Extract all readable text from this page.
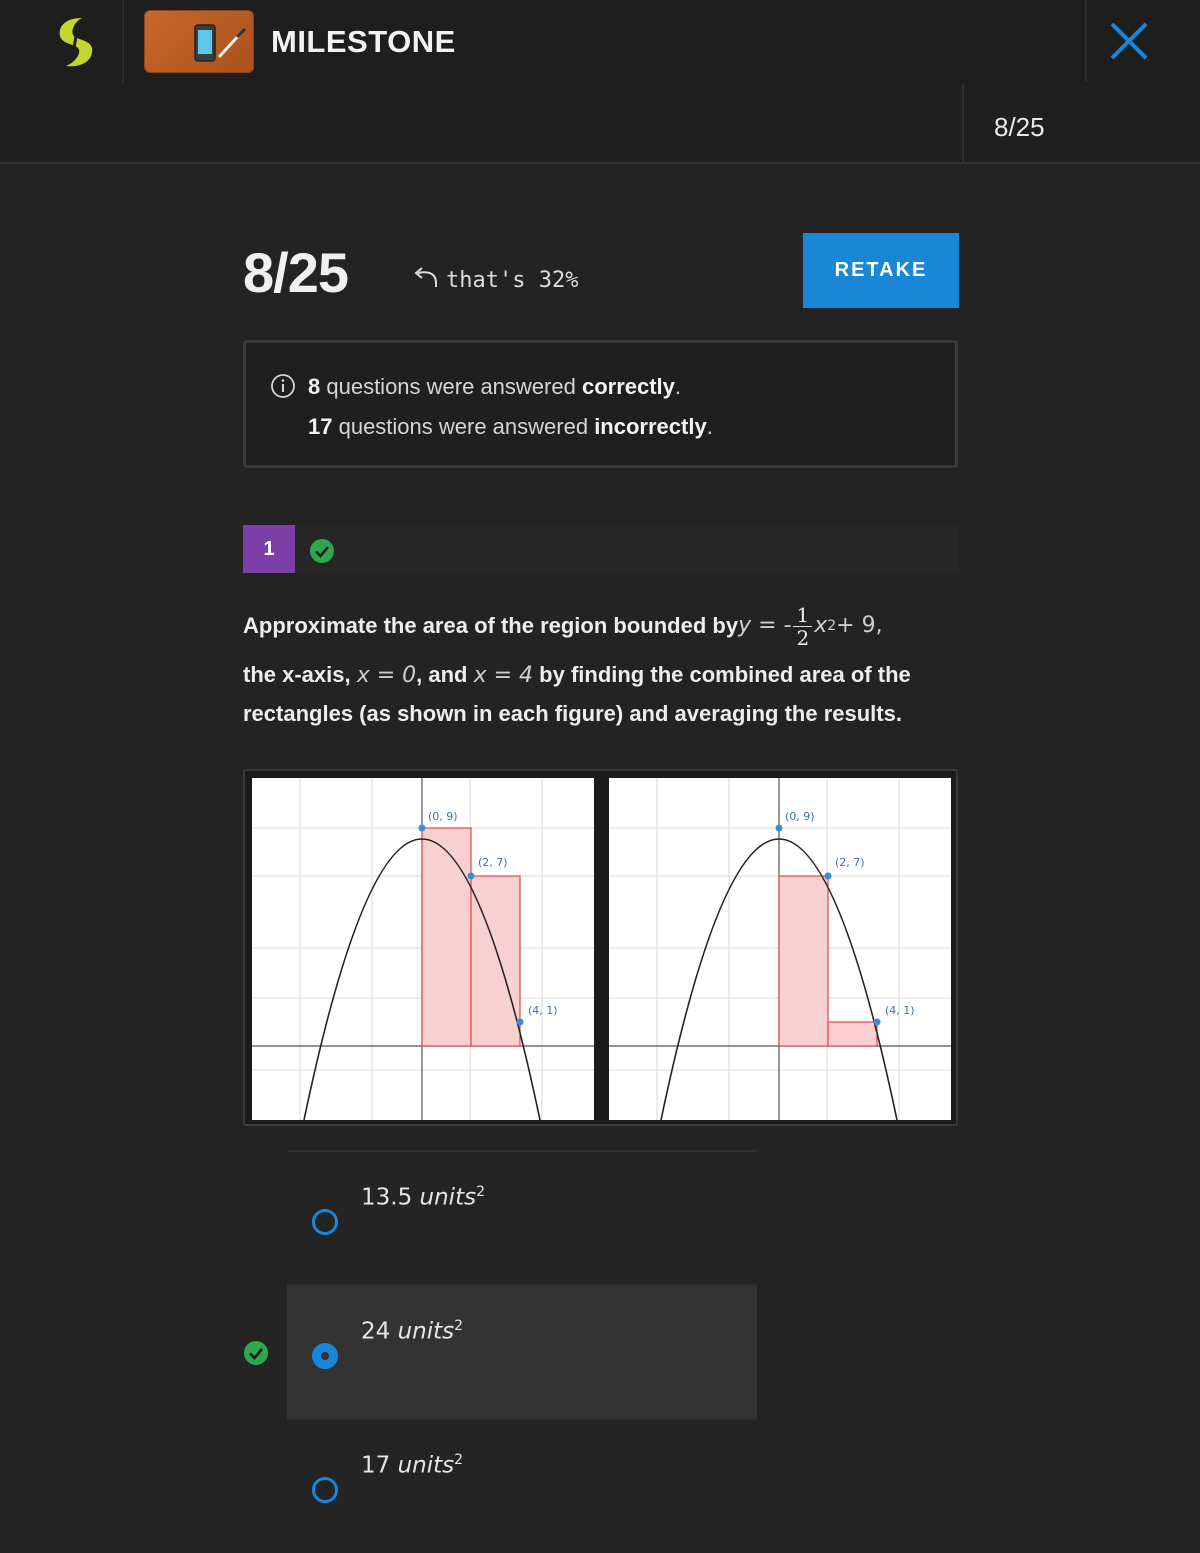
MILESTONE
8/25
8/25	that's 32%	RETAKE
8 questions were answered correctly.
17 questions were answered incorrectly.
1
Approximate the area of the region bounded by y = - $\frac{1}{2}$ x 2 + 9,
the x-axis, x = 0, and x = 4 by finding the combined area of the
rectangles (as shown in each figure) and averaging the results.
(0, 9)
(2, 7)
(4, 1)
(0, 9)
(2, 7)
(4, 1)
13.5 units$^2$
24 units$^2$
17 units$^2$
